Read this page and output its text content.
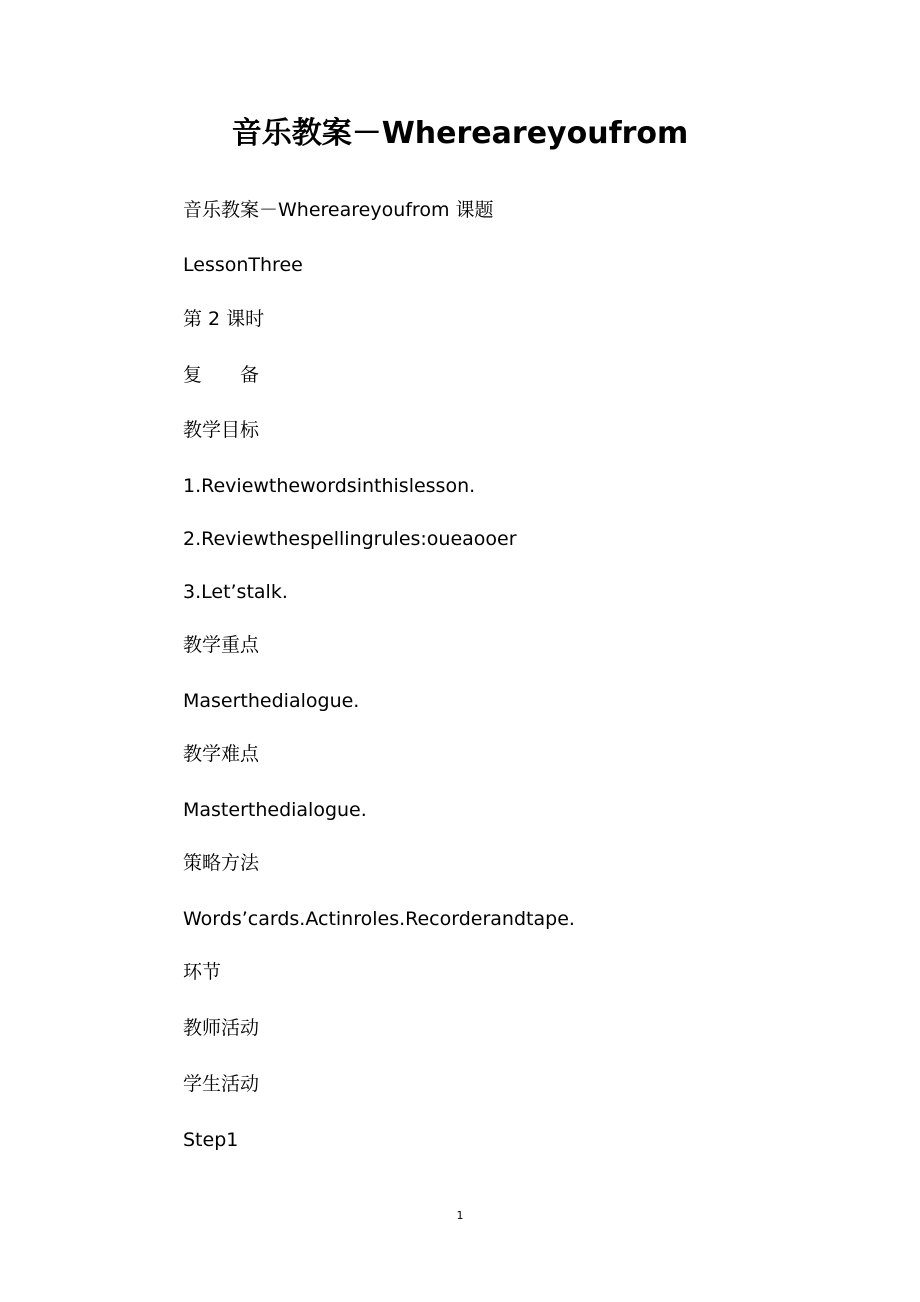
音乐教案－Whereareyoufrom
音乐教案－Whereareyoufrom 课题
LessonThree
第 2 课时
复　　备
教学目标
1.Reviewthewordsinthislesson.
2.Reviewthespellingrules:oueaooer
3.Let’stalk.
教学重点
Maserthedialogue.
教学难点
Masterthedialogue.
策略方法
Words’cards.Actinroles.Recorderandtape.
环节
教师活动
学生活动
Step1
1
